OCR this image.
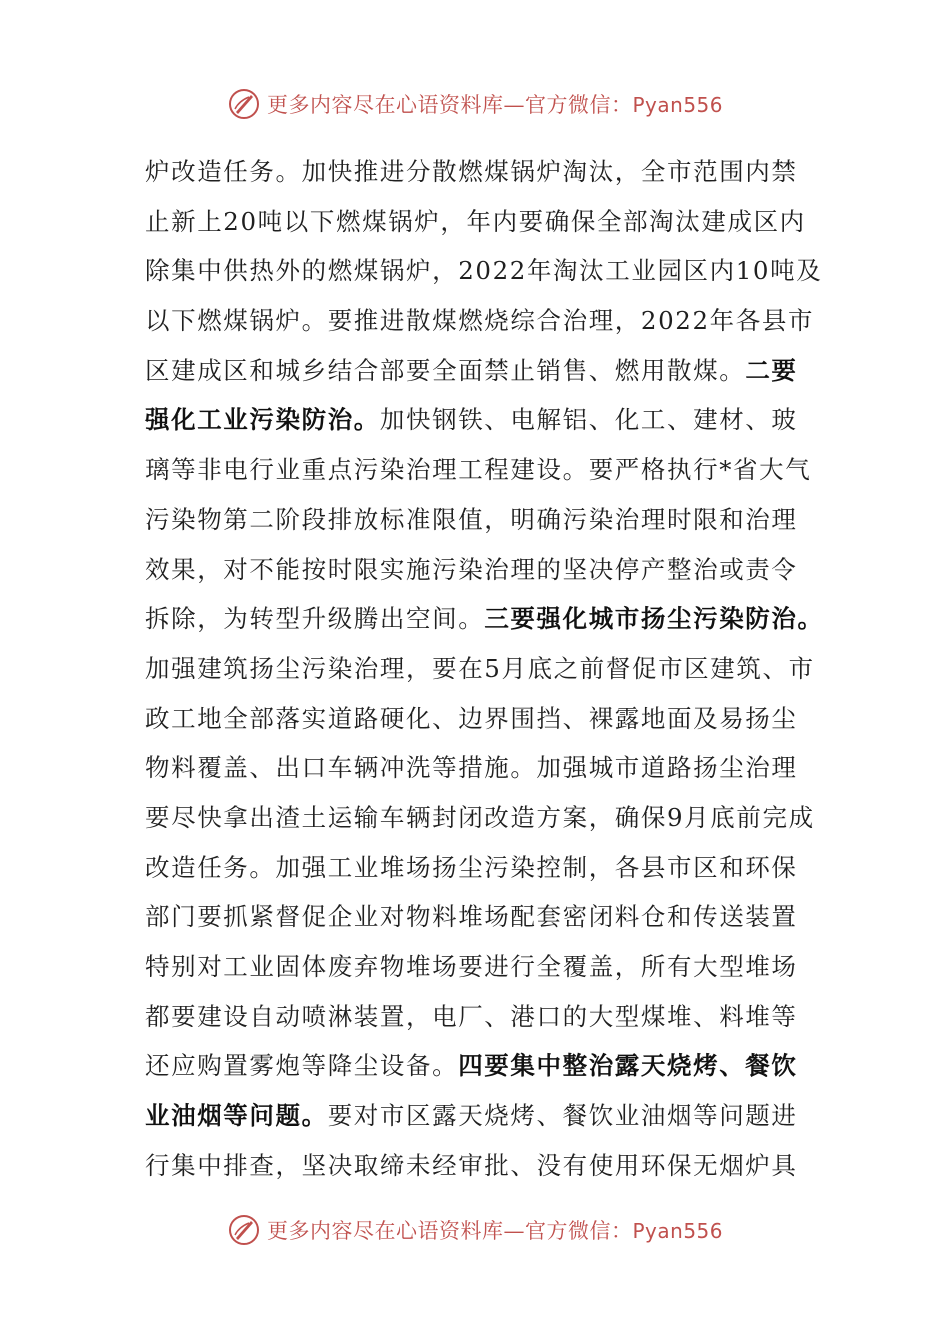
更多内容尽在心语资料库—官方微信：Pyan556
炉改造任务。加快推进分散燃煤锅炉淘汰，全市范围内禁
止新上20吨以下燃煤锅炉，年内要确保全部淘汰建成区内
除集中供热外的燃煤锅炉，2022年淘汰工业园区内10吨及
以下燃煤锅炉。要推进散煤燃烧综合治理，2022年各县市
区建成区和城乡结合部要全面禁止销售、燃用散煤。二要
强化工业污染防治。加快钢铁、电解铝、化工、建材、玻
璃等非电行业重点污染治理工程建设。要严格执行*省大气
污染物第二阶段排放标准限值，明确污染治理时限和治理
效果，对不能按时限实施污染治理的坚决停产整治或责令
拆除，为转型升级腾出空间。三要强化城市扬尘污染防治。
加强建筑扬尘污染治理，要在5月底之前督促市区建筑、市
政工地全部落实道路硬化、边界围挡、裸露地面及易扬尘
物料覆盖、出口车辆冲洗等措施。加强城市道路扬尘治理
要尽快拿出渣土运输车辆封闭改造方案，确保9月底前完成
改造任务。加强工业堆场扬尘污染控制，各县市区和环保
部门要抓紧督促企业对物料堆场配套密闭料仓和传送装置
特别对工业固体废弃物堆场要进行全覆盖，所有大型堆场
都要建设自动喷淋装置，电厂、港口的大型煤堆、料堆等
还应购置雾炮等降尘设备。四要集中整治露天烧烤、餐饮
业油烟等问题。要对市区露天烧烤、餐饮业油烟等问题进
行集中排查，坚决取缔未经审批、没有使用环保无烟炉具
更多内容尽在心语资料库—官方微信：Pyan556
